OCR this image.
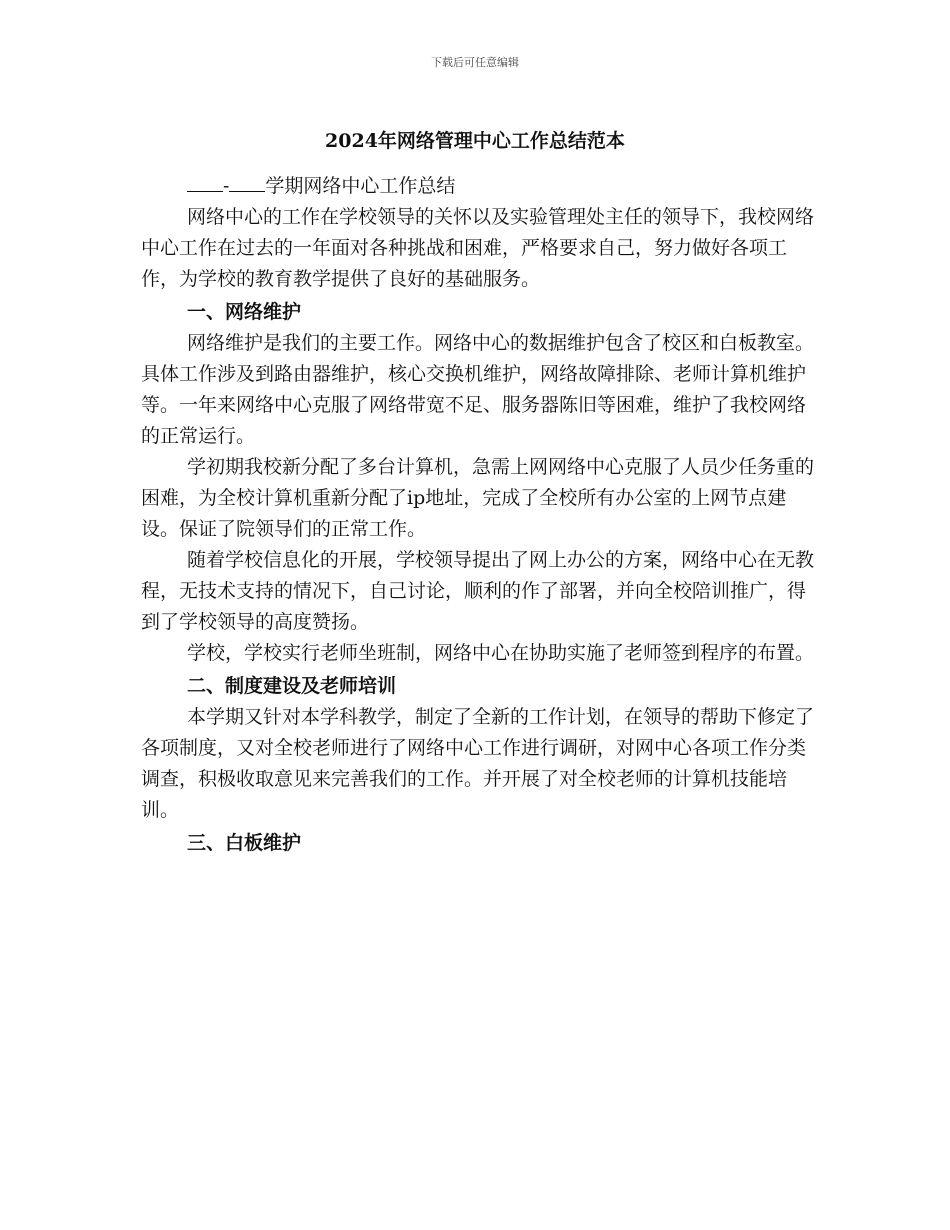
下载后可任意编辑
2024年网络管理中心工作总结范本

- 学期网络中心工作总结

网络中心的工作在学校领导的关怀以及实验管理处主任的领导下，我校网络中心工作在过去的一年面对各种挑战和困难，严格要求自己，努力做好各项工作，为学校的教育教学提供了良好的基础服务。

一、网络维护

网络维护是我们的主要工作。网络中心的数据维护包含了校区和白板教室。具体工作涉及到路由器维护，核心交换机维护，网络故障排除、老师计算机维护等。一年来网络中心克服了网络带宽不足、服务器陈旧等困难，维护了我校网络的正常运行。

学初期我校新分配了多台计算机，急需上网网络中心克服了人员少任务重的困难，为全校计算机重新分配了ip地址，完成了全校所有办公室的上网节点建设。保证了院领导们的正常工作。

随着学校信息化的开展，学校领导提出了网上办公的方案，网络中心在无教程，无技术支持的情况下，自己讨论，顺利的作了部署，并向全校陪训推广，得到了学校领导的高度赞扬。

学校，学校实行老师坐班制，网络中心在协助实施了老师签到程序的布置。

二、制度建设及老师培训

本学期又针对本学科教学，制定了全新的工作计划，在领导的帮助下修定了各项制度，又对全校老师进行了网络中心工作进行调研，对网中心各项工作分类调查，积极收取意见来完善我们的工作。并开展了对全校老师的计算机技能培训。

三、白板维护
